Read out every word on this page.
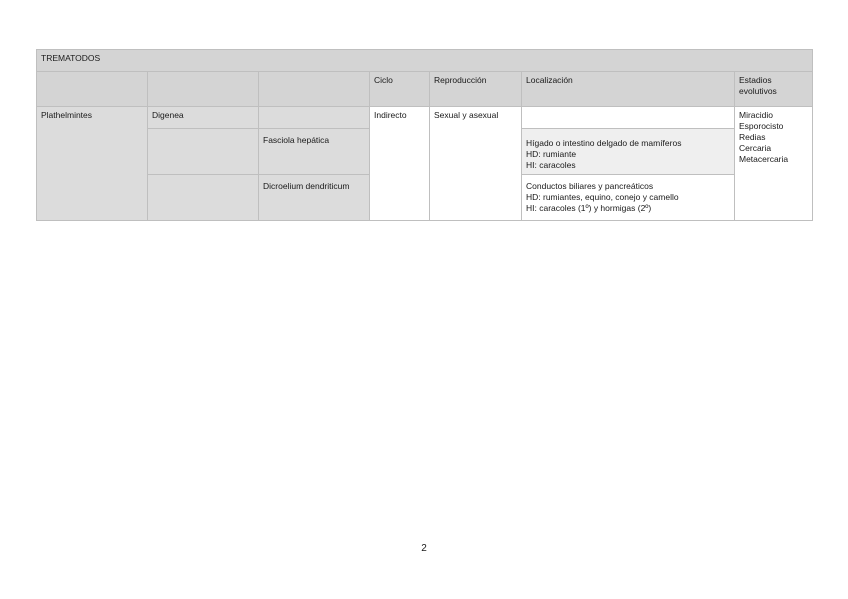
TREMATODOS						
			Ciclo	Reproducción	Localización	Estadios evolutivos
Plathelmintes	Digenea		Indirecto	Sexual y asexual		Miracidio
Esporocisto
Redias
Cercaria
Metacercaria

		Fasciola hepática			Hígado o intestino delgado de mamíferos
HD: rumiante
HI: caracoles	

		Dicroelium dendriticum			Conductos biliares y pancreáticos
HD: rumiantes, equino, conejo y camello
HI: caracoles (1º) y hormigas (2º)	
2
